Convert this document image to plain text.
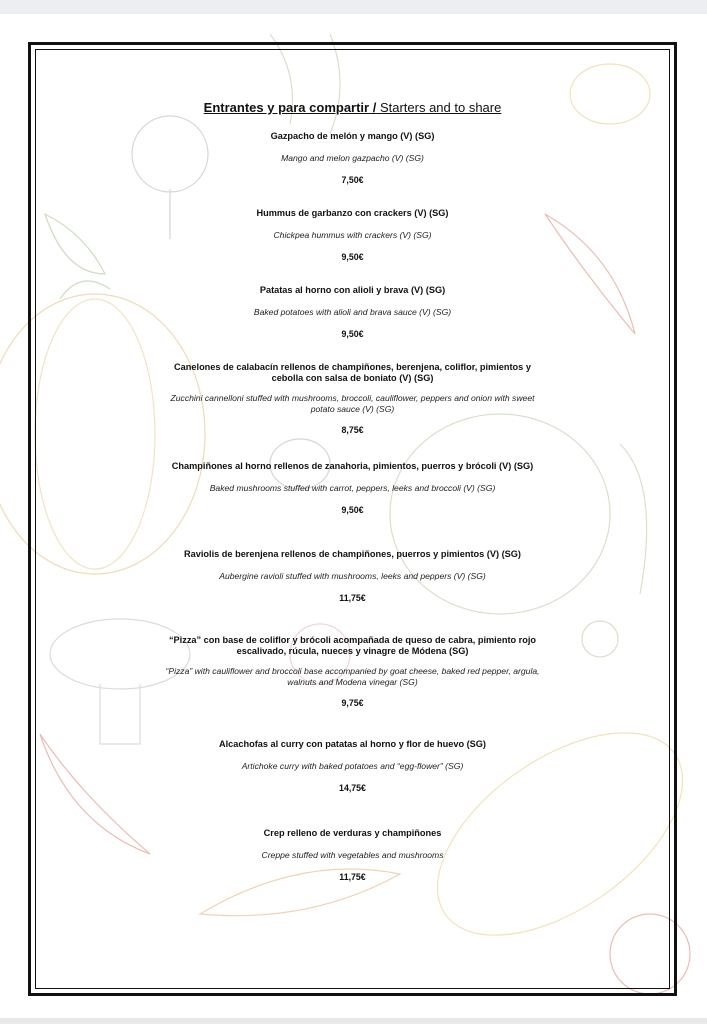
Entrantes y para compartir / Starters and to share
Gazpacho de melón y mango (V) (SG)
Mango and melon gazpacho (V) (SG)
7,50€
Hummus de garbanzo con crackers (V) (SG)
Chickpea hummus with crackers (V) (SG)
9,50€
Patatas al horno con alioli y brava (V) (SG)
Baked potatoes with alioli and brava sauce (V) (SG)
9,50€
Canelones de calabacín rellenos de champiñones, berenjena, coliflor, pimientos y cebolla con salsa de boniato (V) (SG)
Zucchini cannelloni stuffed with mushrooms, broccoli, cauliflower, peppers and onion with sweet potato sauce (V) (SG)
8,75€
Champiñones al horno rellenos de zanahoria, pimientos, puerros y brócoli (V) (SG)
Baked mushrooms stuffed with carrot, peppers, leeks and broccoli (V) (SG)
9,50€
Raviolis de berenjena rellenos de champiñones, puerros y pimientos (V) (SG)
Aubergine ravioli stuffed with mushrooms, leeks and peppers (V) (SG)
11,75€
“Pizza” con base de coliflor y brócoli acompañada de queso de cabra, pimiento rojo escalivado, rúcula, nueces y vinagre de Módena (SG)
“Pizza” with cauliflower and broccoli base accompanied by goat cheese, baked red pepper, argula, walnuts and Modena vinegar (SG)
9,75€
Alcachofas al curry con patatas al horno y flor de huevo (SG)
Artichoke curry with baked potatoes and “egg-flower” (SG)
14,75€
Crep relleno de verduras y champiñones
Creppe stuffed with vegetables and mushrooms
11,75€
